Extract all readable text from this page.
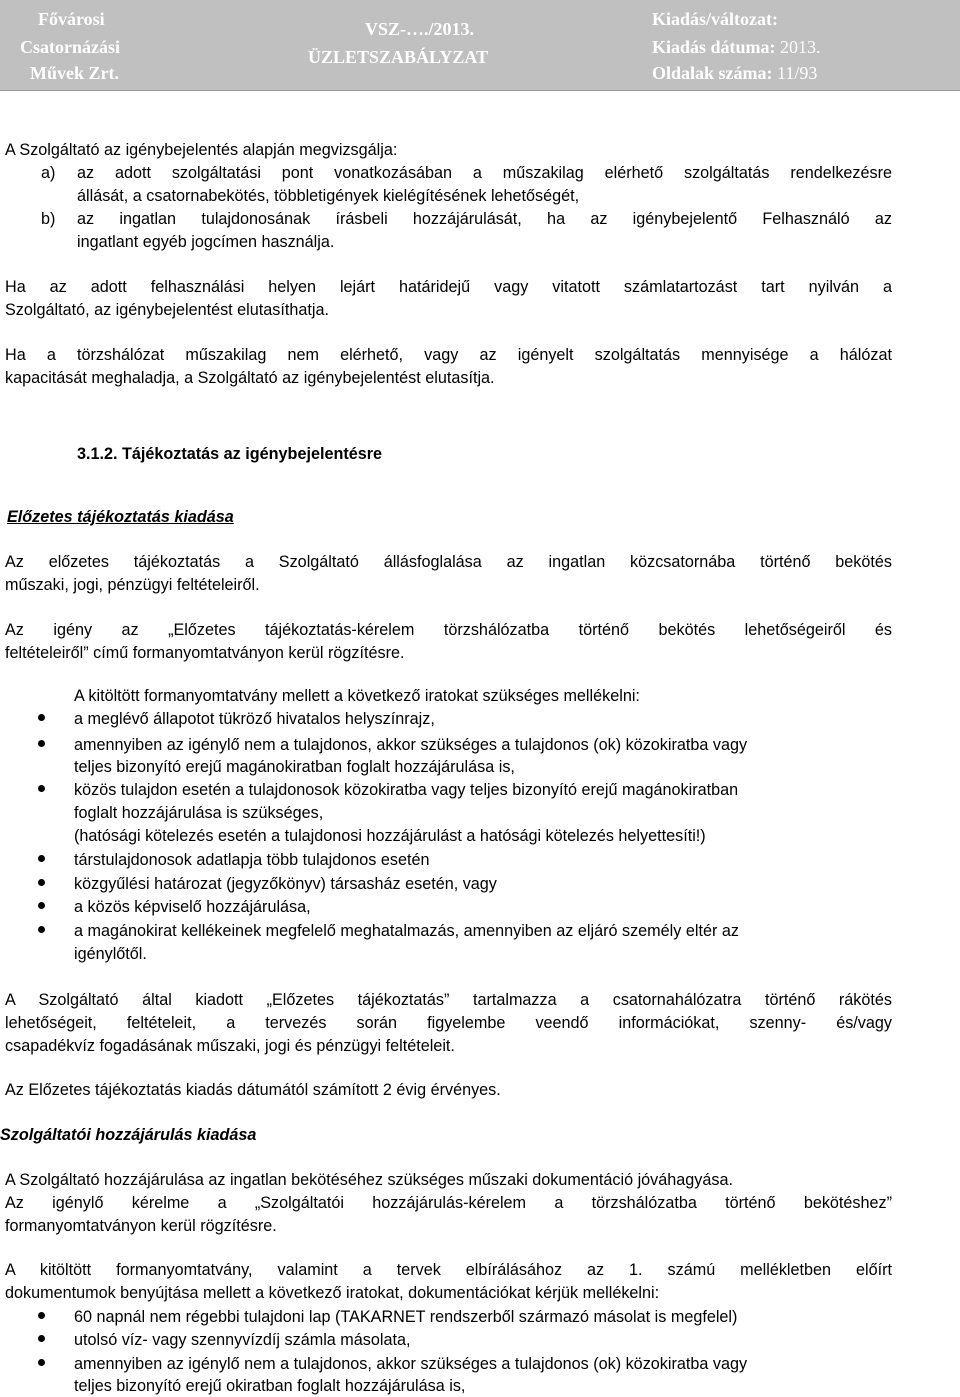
Fővárosi
Csatornázási
Művek Zrt.
VSZ-…./2013.
ÜZLETSZABÁLYZAT
Kiadás/változat:
Kiadás dátuma: 2013.
Oldalak száma: 11/93
A Szolgáltató az igénybejelentés alapján megvizsgálja:
a) az adott szolgáltatási pont vonatkozásában a műszakilag elérhető szolgáltatás rendelkezésre
állását, a csatornabekötés, többletigények kielégítésének lehetőségét,
b) az ingatlan tulajdonosának írásbeli hozzájárulását, ha az igénybejelentő Felhasználó az
ingatlant egyéb jogcímen használja.
Ha az adott felhasználási helyen lejárt határidejű vagy vitatott számlatartozást tart nyilván a
Szolgáltató, az igénybejelentést elutasíthatja.
Ha a törzshálózat műszakilag nem elérhető, vagy az igényelt szolgáltatás mennyisége a hálózat
kapacitását meghaladja, a Szolgáltató az igénybejelentést elutasítja.
3.1.2. Tájékoztatás az igénybejelentésre
Előzetes tájékoztatás kiadása
Az előzetes tájékoztatás a Szolgáltató állásfoglalása az ingatlan közcsatornába történő bekötés
műszaki, jogi, pénzügyi feltételeiről.
Az igény az „Előzetes tájékoztatás-kérelem törzshálózatba történő bekötés lehetőségeiről és
feltételeiről” című formanyomtatványon kerül rögzítésre.
A kitöltött formanyomtatvány mellett a következő iratokat szükséges mellékelni:
a meglévő állapotot tükröző hivatalos helyszínrajz,
amennyiben az igénylő nem a tulajdonos, akkor szükséges a tulajdonos (ok) közokiratba vagy
teljes bizonyító erejű magánokiratban foglalt hozzájárulása is,
közös tulajdon esetén a tulajdonosok közokiratba vagy teljes bizonyító erejű magánokiratban
foglalt hozzájárulása is szükséges,
(hatósági kötelezés esetén a tulajdonosi hozzájárulást a hatósági kötelezés helyettesíti!)
társtulajdonosok adatlapja több tulajdonos esetén
közgyűlési határozat (jegyzőkönyv) társasház esetén, vagy
a közös képviselő hozzájárulása,
a magánokirat kellékeinek megfelelő meghatalmazás, amennyiben az eljáró személy eltér az
igénylőtől.
A Szolgáltató által kiadott „Előzetes tájékoztatás” tartalmazza a csatornahálózatra történő rákötés
lehetőségeit, feltételeit, a tervezés során figyelembe veendő információkat, szenny- és/vagy
csapadékvíz fogadásának műszaki, jogi és pénzügyi feltételeit.
Az Előzetes tájékoztatás kiadás dátumától számított 2 évig érvényes.
Szolgáltatói hozzájárulás kiadása
A Szolgáltató hozzájárulása az ingatlan bekötéséhez szükséges műszaki dokumentáció jóváhagyása.
Az igénylő kérelme a „Szolgáltatói hozzájárulás-kérelem a törzshálózatba történő bekötéshez”
formanyomtatványon kerül rögzítésre.
A kitöltött formanyomtatvány, valamint a tervek elbírálásához az 1. számú mellékletben előírt
dokumentumok benyújtása mellett a következő iratokat, dokumentációkat kérjük mellékelni:
60 napnál nem régebbi tulajdoni lap (TAKARNET rendszerből származó másolat is megfelel)
utolsó víz- vagy szennyvízdíj számla másolata,
amennyiben az igénylő nem a tulajdonos, akkor szükséges a tulajdonos (ok) közokiratba vagy
teljes bizonyító erejű okiratban foglalt hozzájárulása is,
